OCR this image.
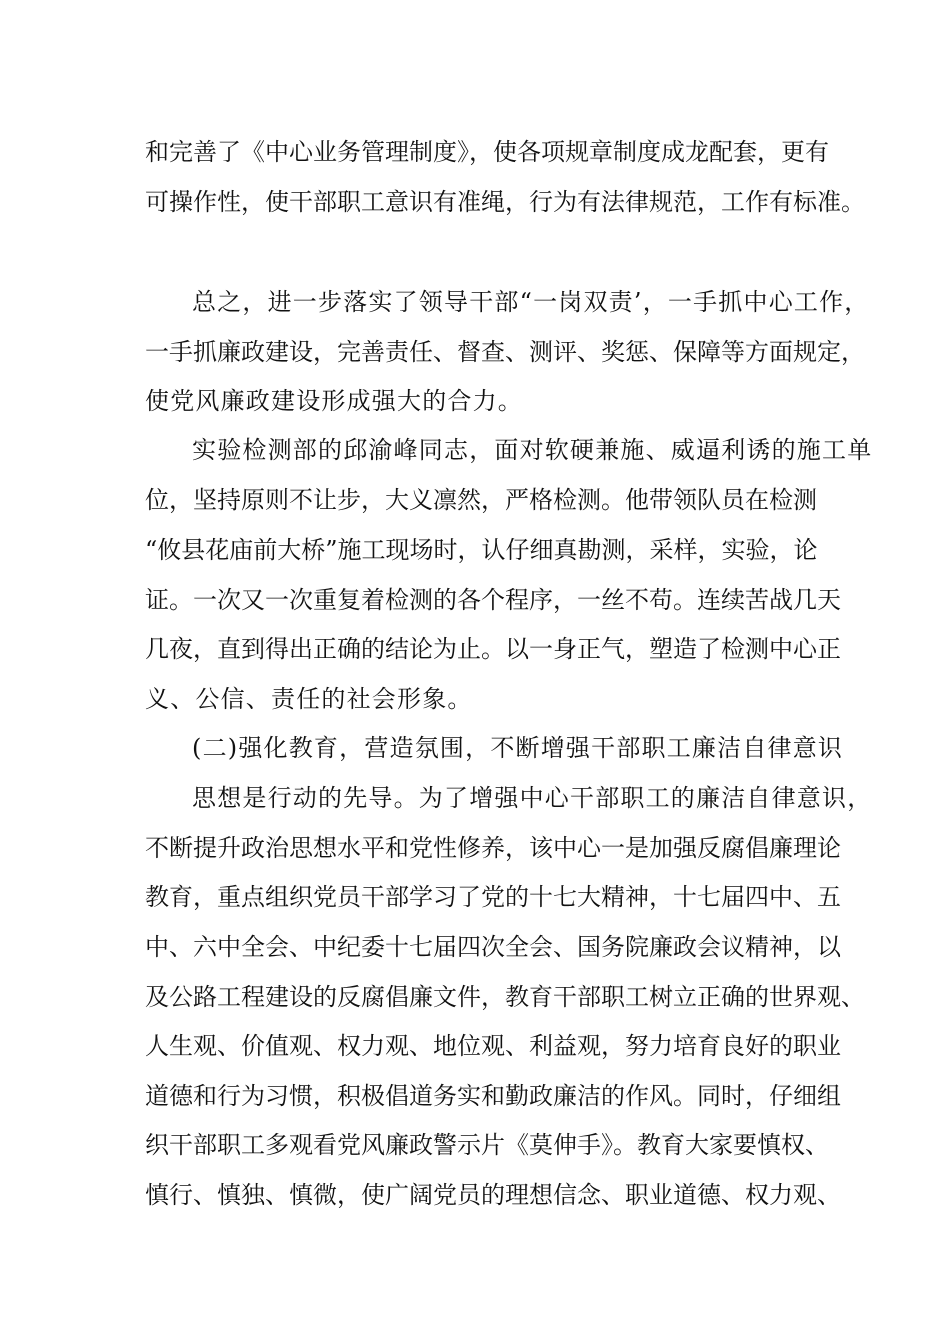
和完善了《中心业务管理制度》，使各项规章制度成龙配套，更有

可操作性，使干部职工意识有准绳，行为有法律规范，工作有标准。

总之，进一步落实了领导干部“一岗双责’，一手抓中心工作，

一手抓廉政建设，完善责任、督查、测评、奖惩、保障等方面规定，

使党风廉政建设形成强大的合力。

实验检测部的邱渝峰同志，面对软硬兼施、威逼利诱的施工单

位，坚持原则不让步，大义凛然，严格检测。他带领队员在检测

“攸县花庙前大桥”施工现场时，认仔细真勘测，采样，实验，论

证。一次又一次重复着检测的各个程序，一丝不苟。连续苦战几天

几夜，直到得出正确的结论为止。以一身正气，塑造了检测中心正

义、公信、责任的社会形象。

(二)强化教育，营造氛围，不断增强干部职工廉洁自律意识

思想是行动的先导。为了增强中心干部职工的廉洁自律意识，

不断提升政治思想水平和党性修养，该中心一是加强反腐倡廉理论

教育，重点组织党员干部学习了党的十七大精神，十七届四中、五

中、六中全会、中纪委十七届四次全会、国务院廉政会议精神，以

及公路工程建设的反腐倡廉文件，教育干部职工树立正确的世界观、

人生观、价值观、权力观、地位观、利益观，努力培育良好的职业

道德和行为习惯，积极倡道务实和勤政廉洁的作风。同时，仔细组

织干部职工多观看党风廉政警示片《莫伸手》。教育大家要慎权、

慎行、慎独、慎微，使广阔党员的理想信念、职业道德、权力观、
